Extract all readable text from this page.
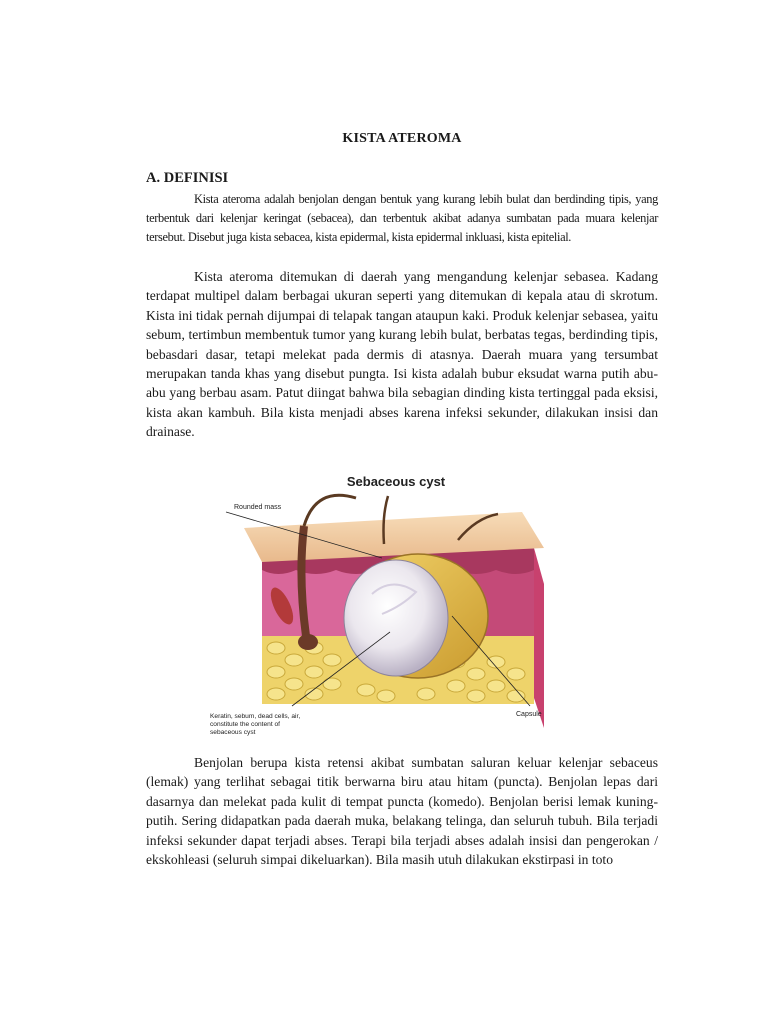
KISTA ATEROMA
A. DEFINISI

Kista ateroma adalah benjolan dengan bentuk yang kurang lebih bulat dan berdinding tipis, yang terbentuk dari kelenjar keringat (sebacea), dan terbentuk akibat adanya sumbatan pada muara kelenjar tersebut. Disebut juga kista sebacea, kista epidermal, kista epidermal inkluasi, kista epitelial.

Kista ateroma ditemukan di daerah yang mengandung kelenjar sebasea. Kadang terdapat multipel dalam berbagai ukuran seperti yang ditemukan di kepala atau di skrotum. Kista ini tidak pernah dijumpai di telapak tangan ataupun kaki. Produk kelenjar sebasea, yaitu sebum, tertimbun membentuk tumor yang kurang lebih bulat, berbatas tegas, berdinding tipis, bebasdari dasar, tetapi melekat pada dermis di atasnya. Daerah muara yang tersumbat merupakan tanda khas yang disebut pungta. Isi kista adalah bubur eksudat warna putih abu-abu yang berbau asam. Patut diingat bahwa bila sebagian dinding kista tertinggal pada eksisi, kista akan kambuh. Bila kista menjadi abses karena infeksi sekunder, dilakukan insisi dan drainase.

Sebaceous cyst
Rounded mass
Keratin, sebum, dead cells, air,
constitute the content of
sebaceous cyst
Capsule

Benjolan berupa kista retensi akibat sumbatan saluran keluar kelenjar sebaceus (lemak) yang terlihat sebagai titik berwarna biru atau hitam (puncta). Benjolan lepas dari dasarnya dan melekat pada kulit di tempat puncta (komedo). Benjolan berisi lemak kuning-putih. Sering didapatkan pada daerah muka, belakang telinga, dan seluruh tubuh. Bila terjadi infeksi sekunder dapat terjadi abses. Terapi bila terjadi abses adalah insisi dan pengerokan / ekskohleasi (seluruh simpai dikeluarkan). Bila masih utuh dilakukan ekstirpasi in toto
